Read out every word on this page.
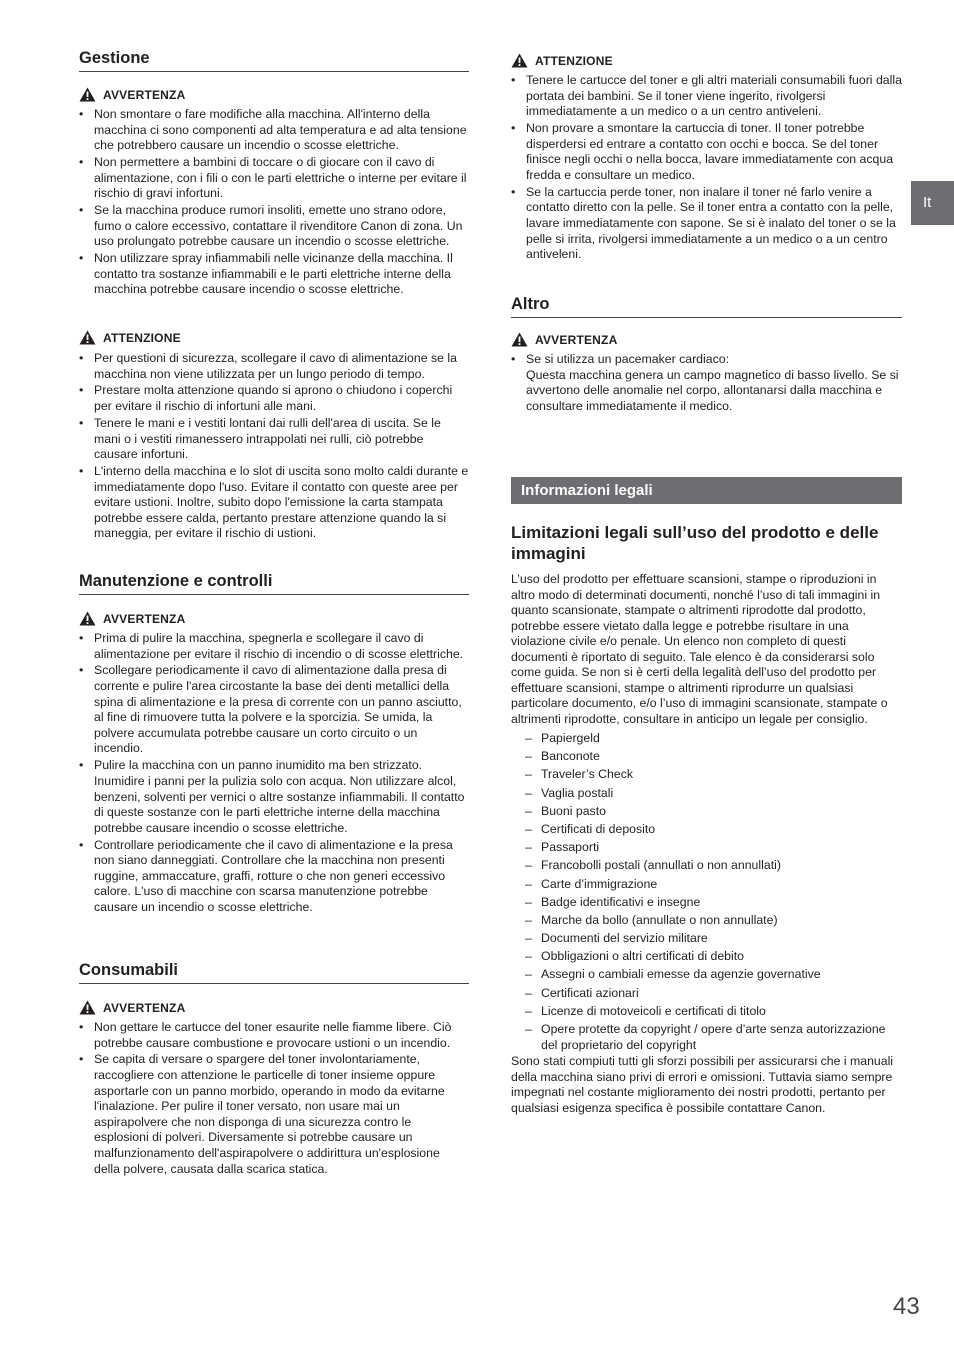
Gestione
AVVERTENZA
• Non smontare o fare modifiche alla macchina. All'interno della macchina ci sono componenti ad alta temperatura e ad alta tensione che potrebbero causare un incendio o scosse elettriche.
• Non permettere a bambini di toccare o di giocare con il cavo di alimentazione, con i fili o con le parti elettriche o interne per evitare il rischio di gravi infortuni.
• Se la macchina produce rumori insoliti, emette uno strano odore, fumo o calore eccessivo, contattare il rivenditore Canon di zona. Un uso prolungato potrebbe causare un incendio o scosse elettriche.
• Non utilizzare spray infiammabili nelle vicinanze della macchina. Il contatto tra sostanze infiammabili e le parti elettriche interne della macchina potrebbe causare incendio o scosse elettriche.
ATTENZIONE
• Per questioni di sicurezza, scollegare il cavo di alimentazione se la macchina non viene utilizzata per un lungo periodo di tempo.
• Prestare molta attenzione quando si aprono o chiudono i coperchi per evitare il rischio di infortuni alle mani.
• Tenere le mani e i vestiti lontani dai rulli dell'area di uscita. Se le mani o i vestiti rimanessero intrappolati nei rulli, ciò potrebbe causare infortuni.
• L'interno della macchina e lo slot di uscita sono molto caldi durante e immediatamente dopo l'uso. Evitare il contatto con queste aree per evitare ustioni. Inoltre, subito dopo l'emissione la carta stampata potrebbe essere calda, pertanto prestare attenzione quando la si maneggia, per evitare il rischio di ustioni.
Manutenzione e controlli
AVVERTENZA
• Prima di pulire la macchina, spegnerla e scollegare il cavo di alimentazione per evitare il rischio di incendio o di scosse elettriche.
• Scollegare periodicamente il cavo di alimentazione dalla presa di corrente e pulire l'area circostante la base dei denti metallici della spina di alimentazione e la presa di corrente con un panno asciutto, al fine di rimuovere tutta la polvere e la sporcizia. Se umida, la polvere accumulata potrebbe causare un corto circuito o un incendio.
• Pulire la macchina con un panno inumidito ma ben strizzato. Inumidire i panni per la pulizia solo con acqua. Non utilizzare alcol, benzeni, solventi per vernici o altre sostanze infiammabili. Il contatto di queste sostanze con le parti elettriche interne della macchina potrebbe causare incendio o scosse elettriche.
• Controllare periodicamente che il cavo di alimentazione e la presa non siano danneggiati. Controllare che la macchina non presenti ruggine, ammaccature, graffi, rotture o che non generi eccessivo calore. L'uso di macchine con scarsa manutenzione potrebbe causare un incendio o scosse elettriche.
Consumabili
AVVERTENZA
• Non gettare le cartucce del toner esaurite nelle fiamme libere. Ciò potrebbe causare combustione e provocare ustioni o un incendio.
• Se capita di versare o spargere del toner involontariamente, raccogliere con attenzione le particelle di toner insieme oppure asportarle con un panno morbido, operando in modo da evitarne l'inalazione. Per pulire il toner versato, non usare mai un aspirapolvere che non disponga di una sicurezza contro le esplosioni di polveri. Diversamente si potrebbe causare un malfunzionamento dell'aspirapolvere o addirittura un'esplosione della polvere, causata dalla scarica statica.
ATTENZIONE
• Tenere le cartucce del toner e gli altri materiali consumabili fuori dalla portata dei bambini. Se il toner viene ingerito, rivolgersi immediatamente a un medico o a un centro antiveleni.
• Non provare a smontare la cartuccia di toner. Il toner potrebbe disperdersi ed entrare a contatto con occhi e bocca. Se del toner finisce negli occhi o nella bocca, lavare immediatamente con acqua fredda e consultare un medico.
• Se la cartuccia perde toner, non inalare il toner né farlo venire a contatto diretto con la pelle. Se il toner entra a contatto con la pelle, lavare immediatamente con sapone. Se si è inalato del toner o se la pelle si irrita, rivolgersi immediatamente a un medico o a un centro antiveleni.
Altro
AVVERTENZA
• Se si utilizza un pacemaker cardiaco:
Questa macchina genera un campo magnetico di basso livello. Se si avvertono delle anomalie nel corpo, allontanarsi dalla macchina e consultare immediatamente il medico.
Informazioni legali
Limitazioni legali sull’uso del prodotto e delle immagini

L’uso del prodotto per effettuare scansioni, stampe o riproduzioni in altro modo di determinati documenti, nonché l’uso di tali immagini in quanto scansionate, stampate o altrimenti riprodotte dal prodotto, potrebbe essere vietato dalla legge e potrebbe risultare in una violazione civile e/o penale. Un elenco non completo di questi documenti è riportato di seguito. Tale elenco è da considerarsi solo come guida. Se non si è certi della legalità dell’uso del prodotto per effettuare scansioni, stampe o altrimenti riprodurre un qualsiasi particolare documento, e/o l’uso di immagini scansionate, stampate o altrimenti riprodotte, consultare in anticipo un legale per consiglio.

– Papiergeld
– Banconote
– Traveler’s Check
– Vaglia postali
– Buoni pasto
– Certificati di deposito
– Passaporti
– Francobolli postali (annullati o non annullati)
– Carte d’immigrazione
– Badge identificativi e insegne
– Marche da bollo (annullate o non annullate)
– Documenti del servizio militare
– Obbligazioni o altri certificati di debito
– Assegni o cambiali emesse da agenzie governative
– Certificati azionari
– Licenze di motoveicoli e certificati di titolo
– Opere protette da copyright / opere d’arte senza autorizzazione del proprietario del copyright

Sono stati compiuti tutti gli sforzi possibili per assicurarsi che i manuali della macchina siano privi di errori e omissioni. Tuttavia siamo sempre impegnati nel costante miglioramento dei nostri prodotti, pertanto per qualsiasi esigenza specifica è possibile contattare Canon.

It
43
